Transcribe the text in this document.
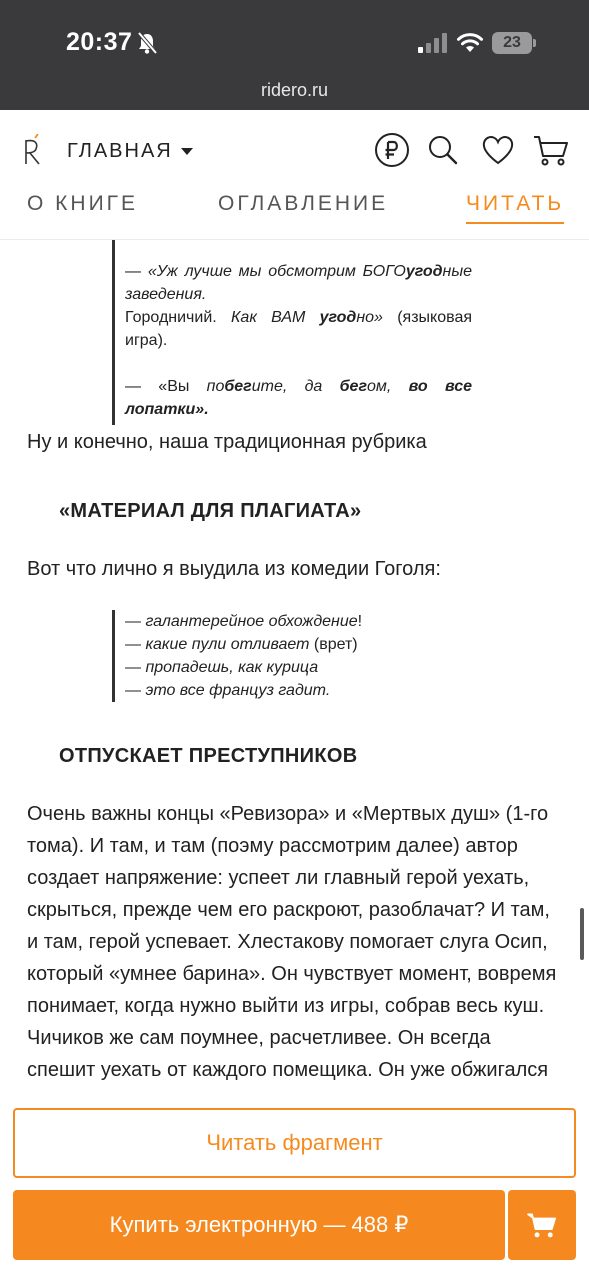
20:37	23
ridero.ru
ГЛАВНАЯ
О КНИГЕ	ОГЛАВЛЕНИЕ	ЧИТАТЬ

— «Уж лучше мы обсмотрим БОГОугодные заведения.

Городничий. Как ВАМ угодно» (языковая игра).

— «Вы побегите, да бегом, во все лопатки».

Ну и конечно, наша традиционная рубрика

«МАТЕРИАЛ ДЛЯ ПЛАГИАТА»

Вот что лично я выудила из комедии Гоголя:

— галантерейное обхождение!
— какие пули отливает (врет)
— пропадешь, как курица
— это все француз гадит.
ОТПУСКАЕТ ПРЕСТУПНИКОВ

Очень важны концы «Ревизора» и «Мертвых душ» (1-го тома). И там, и там (поэму рассмотрим далее) автор создает напряжение: успеет ли главный герой уехать, скрыться, прежде чем его раскроют, разоблачат? И там, и там, герой успевает. Хлестакову помогает слуга Осип, который «умнее барина». Он чувствует момент, вовремя понимает, когда нужно выйти из игры, собрав весь куш. Чичиков же сам поумнее, расчетливее. Он всегда спешит уехать от каждого помещика. Он уже обжигался

Читать фрагмент
Купить электронную — 488 ₽
